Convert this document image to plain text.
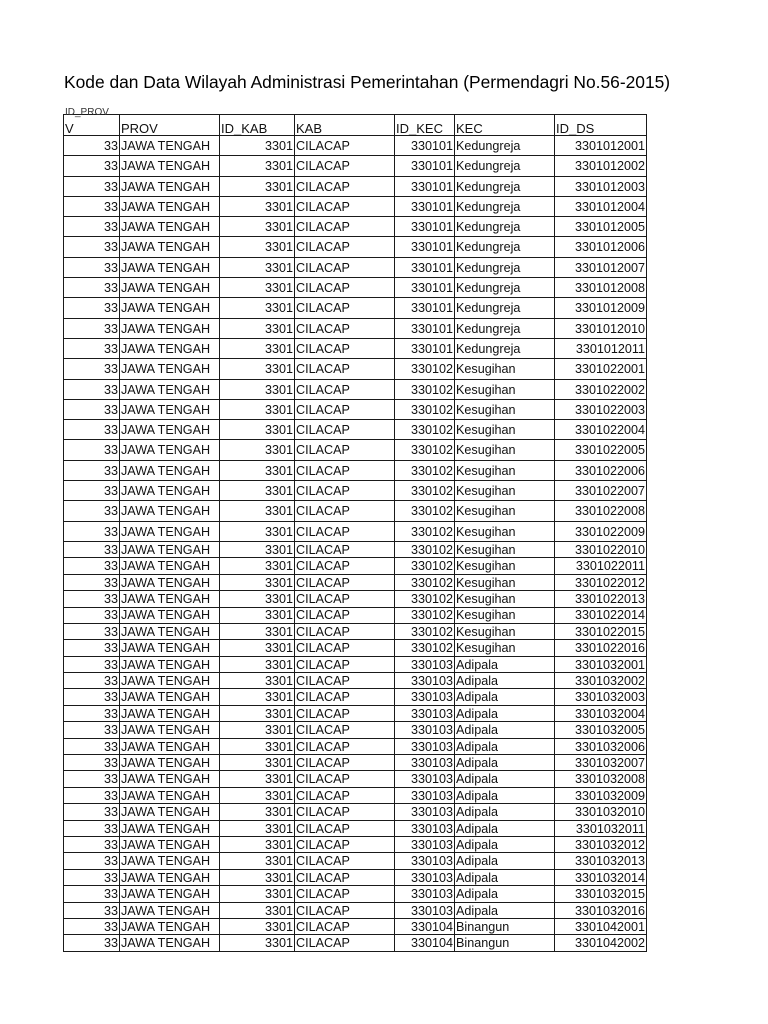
Kode dan Data Wilayah Administrasi Pemerintahan (Permendagri No.56-2015)
ID_PROV
V	PROV	ID_KAB	KAB	ID_KEC	KEC	ID_DS
33	JAWA TENGAH	3301	CILACAP	330101	Kedungreja	3301012001
33	JAWA TENGAH	3301	CILACAP	330101	Kedungreja	3301012002
33	JAWA TENGAH	3301	CILACAP	330101	Kedungreja	3301012003
33	JAWA TENGAH	3301	CILACAP	330101	Kedungreja	3301012004
33	JAWA TENGAH	3301	CILACAP	330101	Kedungreja	3301012005
33	JAWA TENGAH	3301	CILACAP	330101	Kedungreja	3301012006
33	JAWA TENGAH	3301	CILACAP	330101	Kedungreja	3301012007
33	JAWA TENGAH	3301	CILACAP	330101	Kedungreja	3301012008
33	JAWA TENGAH	3301	CILACAP	330101	Kedungreja	3301012009
33	JAWA TENGAH	3301	CILACAP	330101	Kedungreja	3301012010
33	JAWA TENGAH	3301	CILACAP	330101	Kedungreja	3301012011
33	JAWA TENGAH	3301	CILACAP	330102	Kesugihan	3301022001
33	JAWA TENGAH	3301	CILACAP	330102	Kesugihan	3301022002
33	JAWA TENGAH	3301	CILACAP	330102	Kesugihan	3301022003
33	JAWA TENGAH	3301	CILACAP	330102	Kesugihan	3301022004
33	JAWA TENGAH	3301	CILACAP	330102	Kesugihan	3301022005
33	JAWA TENGAH	3301	CILACAP	330102	Kesugihan	3301022006
33	JAWA TENGAH	3301	CILACAP	330102	Kesugihan	3301022007
33	JAWA TENGAH	3301	CILACAP	330102	Kesugihan	3301022008
33	JAWA TENGAH	3301	CILACAP	330102	Kesugihan	3301022009
33	JAWA TENGAH	3301	CILACAP	330102	Kesugihan	3301022010
33	JAWA TENGAH	3301	CILACAP	330102	Kesugihan	3301022011
33	JAWA TENGAH	3301	CILACAP	330102	Kesugihan	3301022012
33	JAWA TENGAH	3301	CILACAP	330102	Kesugihan	3301022013
33	JAWA TENGAH	3301	CILACAP	330102	Kesugihan	3301022014
33	JAWA TENGAH	3301	CILACAP	330102	Kesugihan	3301022015
33	JAWA TENGAH	3301	CILACAP	330102	Kesugihan	3301022016
33	JAWA TENGAH	3301	CILACAP	330103	Adipala	3301032001
33	JAWA TENGAH	3301	CILACAP	330103	Adipala	3301032002
33	JAWA TENGAH	3301	CILACAP	330103	Adipala	3301032003
33	JAWA TENGAH	3301	CILACAP	330103	Adipala	3301032004
33	JAWA TENGAH	3301	CILACAP	330103	Adipala	3301032005
33	JAWA TENGAH	3301	CILACAP	330103	Adipala	3301032006
33	JAWA TENGAH	3301	CILACAP	330103	Adipala	3301032007
33	JAWA TENGAH	3301	CILACAP	330103	Adipala	3301032008
33	JAWA TENGAH	3301	CILACAP	330103	Adipala	3301032009
33	JAWA TENGAH	3301	CILACAP	330103	Adipala	3301032010
33	JAWA TENGAH	3301	CILACAP	330103	Adipala	3301032011
33	JAWA TENGAH	3301	CILACAP	330103	Adipala	3301032012
33	JAWA TENGAH	3301	CILACAP	330103	Adipala	3301032013
33	JAWA TENGAH	3301	CILACAP	330103	Adipala	3301032014
33	JAWA TENGAH	3301	CILACAP	330103	Adipala	3301032015
33	JAWA TENGAH	3301	CILACAP	330103	Adipala	3301032016
33	JAWA TENGAH	3301	CILACAP	330104	Binangun	3301042001
33	JAWA TENGAH	3301	CILACAP	330104	Binangun	3301042002
